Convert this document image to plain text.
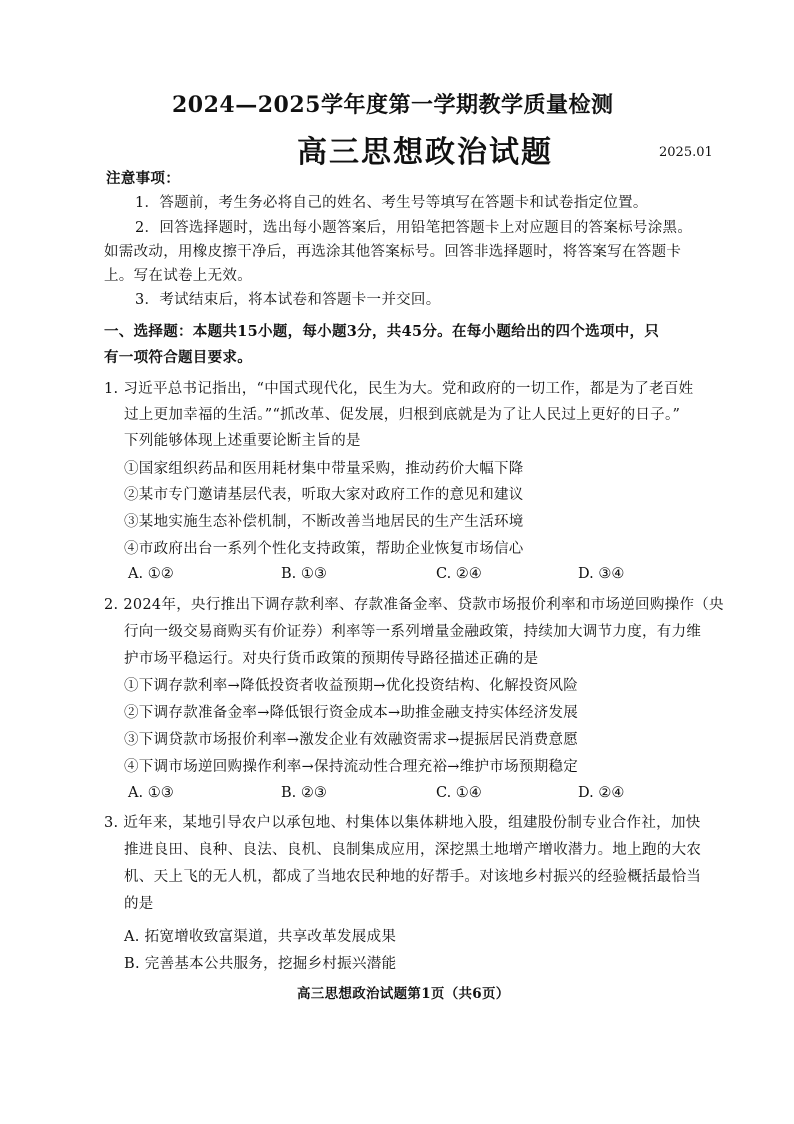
2024—2025学年度第一学期教学质量检测
高三思想政治试题	2025.01
注意事项：
1．答题前，考生务必将自己的姓名、考生号等填写在答题卡和试卷指定位置。
2．回答选择题时，选出每小题答案后，用铅笔把答题卡上对应题目的答案标号涂黑。
如需改动，用橡皮擦干净后，再选涂其他答案标号。回答非选择题时，将答案写在答题卡
上。写在试卷上无效。
3．考试结束后，将本试卷和答题卡一并交回。
一、选择题：本题共15小题，每小题3分，共45分。在每小题给出的四个选项中，只
有一项符合题目要求。
1. 习近平总书记指出，“中国式现代化，民生为大。党和政府的一切工作，都是为了老百姓
过上更加幸福的生活。”“抓改革、促发展，归根到底就是为了让人民过上更好的日子。”
下列能够体现上述重要论断主旨的是
①国家组织药品和医用耗材集中带量采购，推动药价大幅下降
②某市专门邀请基层代表，听取大家对政府工作的意见和建议
③某地实施生态补偿机制，不断改善当地居民的生产生活环境
④市政府出台一系列个性化支持政策，帮助企业恢复市场信心
A. ①②	B. ①③	C. ②④	D. ③④
2. 2024年，央行推出下调存款利率、存款准备金率、贷款市场报价利率和市场逆回购操作（央
行向一级交易商购买有价证券）利率等一系列增量金融政策，持续加大调节力度，有力维
护市场平稳运行。对央行货币政策的预期传导路径描述正确的是
①下调存款利率→降低投资者收益预期→优化投资结构、化解投资风险
②下调存款准备金率→降低银行资金成本→助推金融支持实体经济发展
③下调贷款市场报价利率→激发企业有效融资需求→提振居民消费意愿
④下调市场逆回购操作利率→保持流动性合理充裕→维护市场预期稳定
A. ①③	B. ②③	C. ①④	D. ②④
3. 近年来，某地引导农户以承包地、村集体以集体耕地入股，组建股份制专业合作社，加快
推进良田、良种、良法、良机、良制集成应用，深挖黑土地增产增收潜力。地上跑的大农
机、天上飞的无人机，都成了当地农民种地的好帮手。对该地乡村振兴的经验概括最恰当
的是
A. 拓宽增收致富渠道，共享改革发展成果
B. 完善基本公共服务，挖掘乡村振兴潜能
高三思想政治试题第1页（共6页）
